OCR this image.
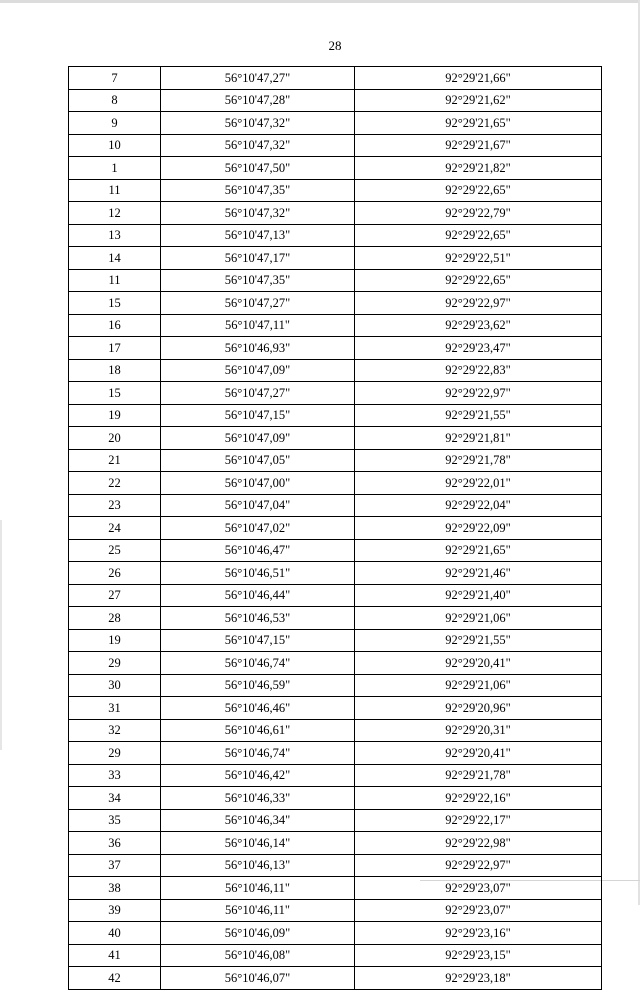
28
7	56°10'47,27"	92°29'21,66"
8	56°10'47,28"	92°29'21,62"
9	56°10'47,32"	92°29'21,65"
10	56°10'47,32"	92°29'21,67"
1	56°10'47,50"	92°29'21,82"
11	56°10'47,35"	92°29'22,65"
12	56°10'47,32"	92°29'22,79"
13	56°10'47,13"	92°29'22,65"
14	56°10'47,17"	92°29'22,51"
11	56°10'47,35"	92°29'22,65"
15	56°10'47,27"	92°29'22,97"
16	56°10'47,11"	92°29'23,62"
17	56°10'46,93"	92°29'23,47"
18	56°10'47,09"	92°29'22,83"
15	56°10'47,27"	92°29'22,97"
19	56°10'47,15"	92°29'21,55"
20	56°10'47,09"	92°29'21,81"
21	56°10'47,05"	92°29'21,78"
22	56°10'47,00"	92°29'22,01"
23	56°10'47,04"	92°29'22,04"
24	56°10'47,02"	92°29'22,09"
25	56°10'46,47"	92°29'21,65"
26	56°10'46,51"	92°29'21,46"
27	56°10'46,44"	92°29'21,40"
28	56°10'46,53"	92°29'21,06"
19	56°10'47,15"	92°29'21,55"
29	56°10'46,74"	92°29'20,41"
30	56°10'46,59"	92°29'21,06"
31	56°10'46,46"	92°29'20,96"
32	56°10'46,61"	92°29'20,31"
29	56°10'46,74"	92°29'20,41"
33	56°10'46,42"	92°29'21,78"
34	56°10'46,33"	92°29'22,16"
35	56°10'46,34"	92°29'22,17"
36	56°10'46,14"	92°29'22,98"
37	56°10'46,13"	92°29'22,97"
38	56°10'46,11"	92°29'23,07"
39	56°10'46,11"	92°29'23,07"
40	56°10'46,09"	92°29'23,16"
41	56°10'46,08"	92°29'23,15"
42	56°10'46,07"	92°29'23,18"
